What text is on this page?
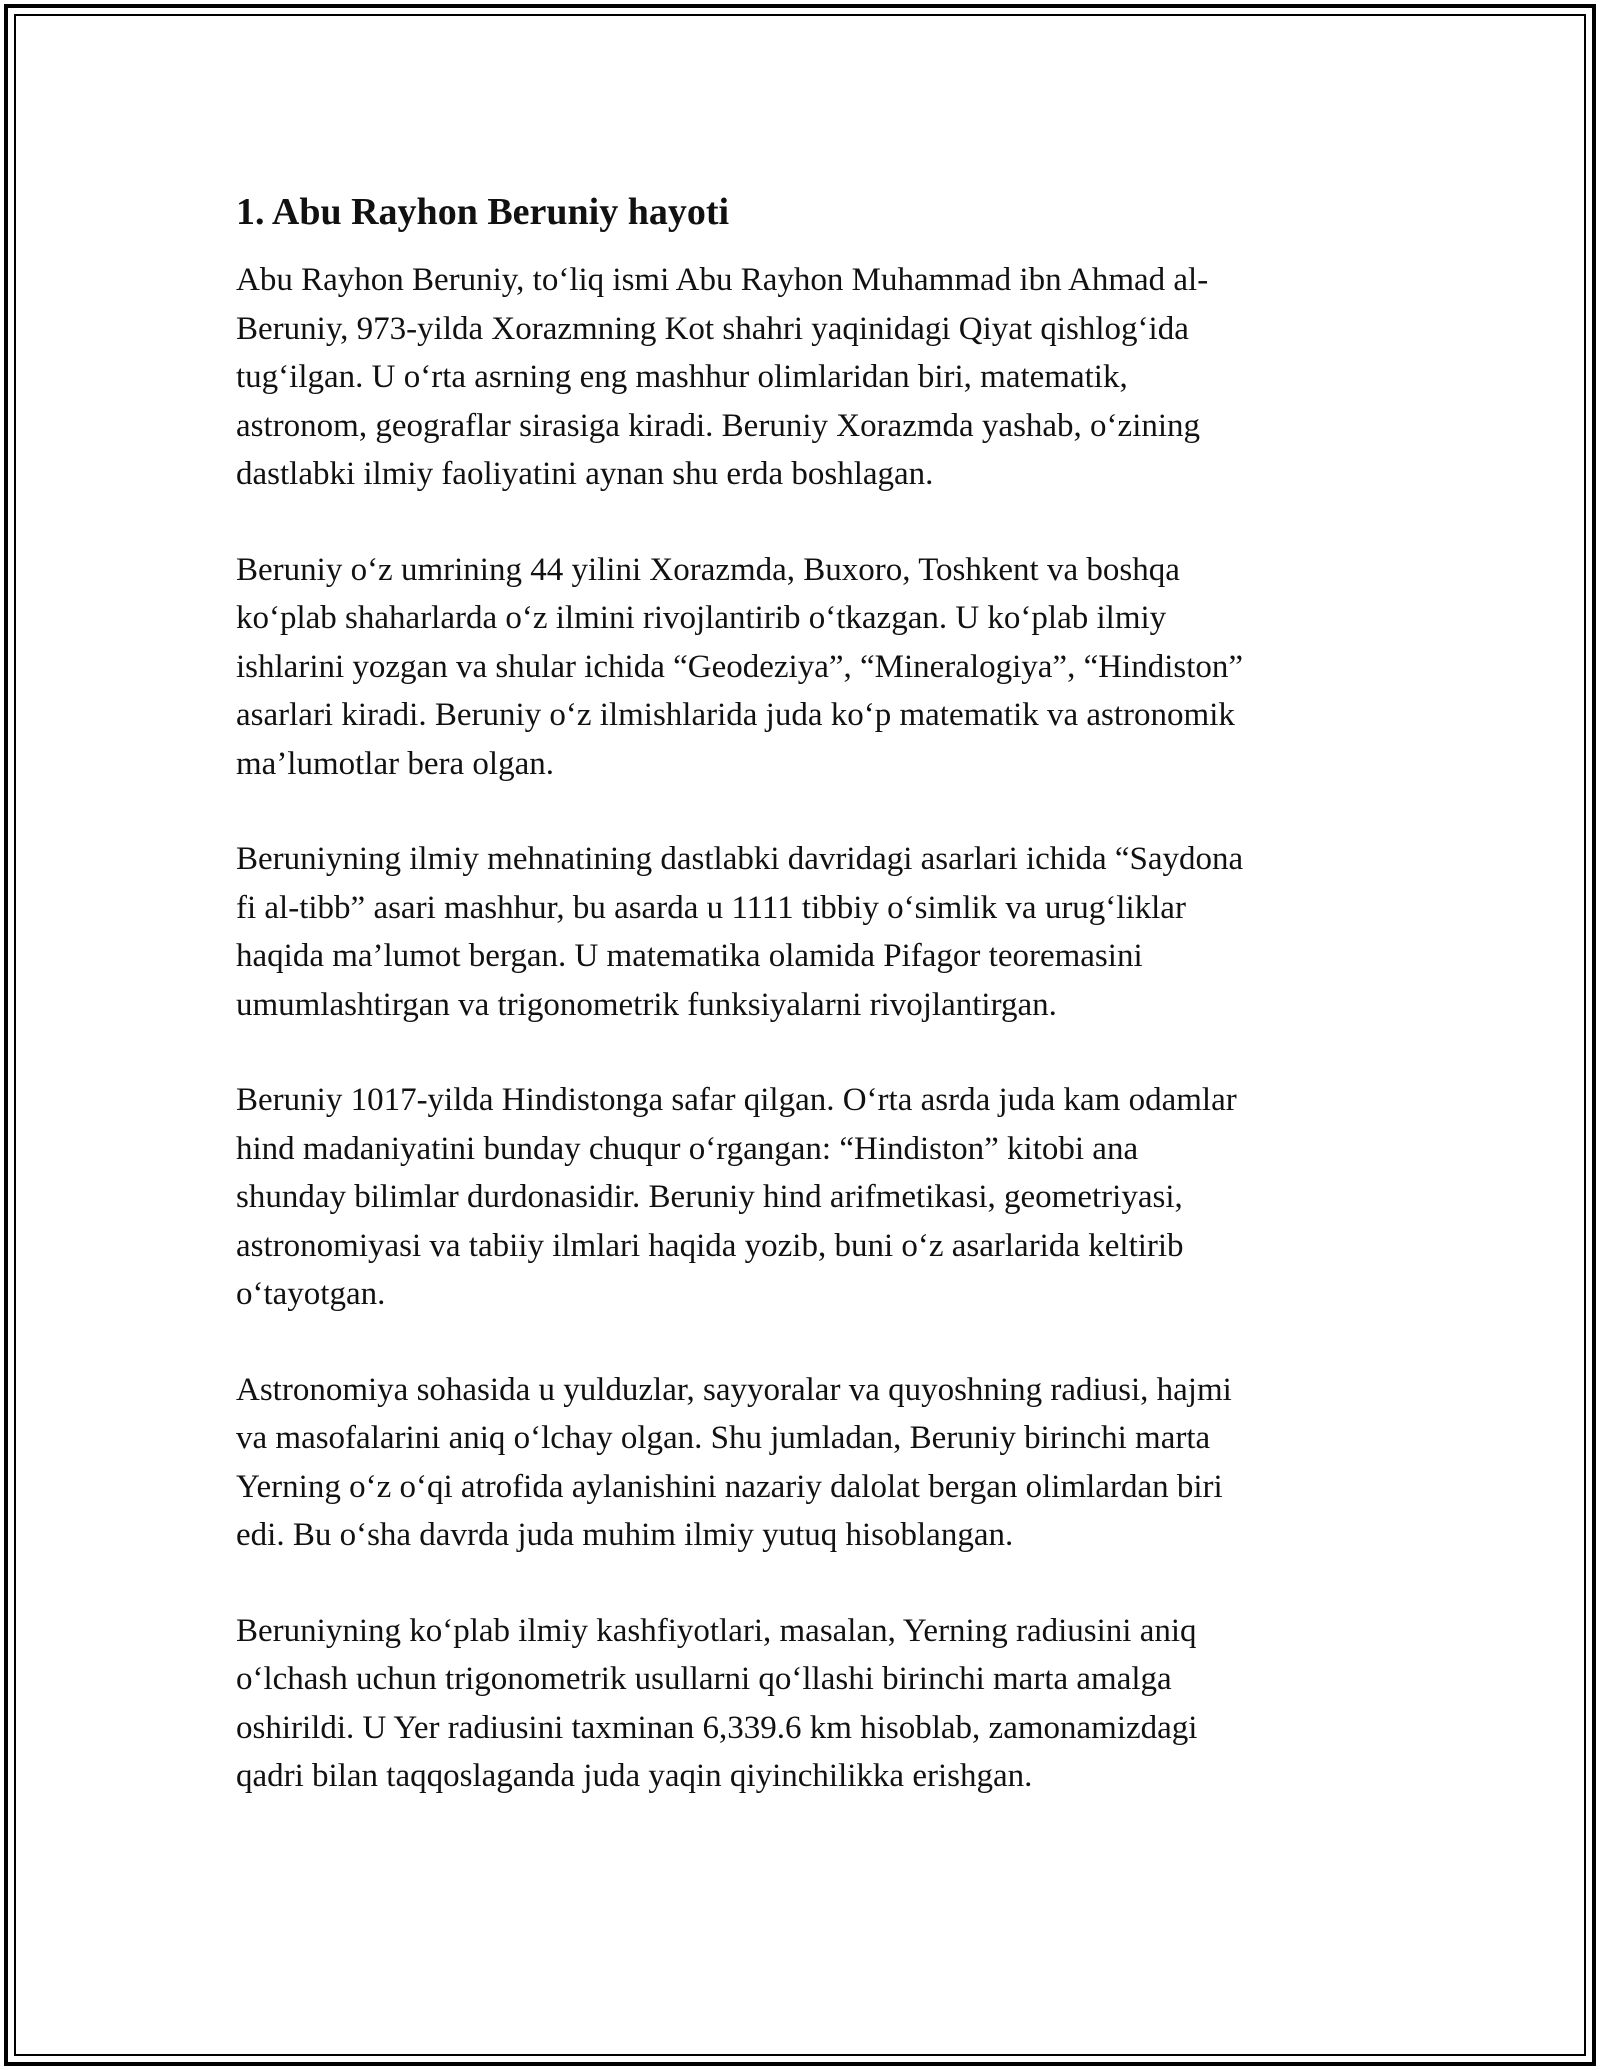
1. Abu Rayhon Beruniy hayoti

Abu Rayhon Beruniy, to‘liq ismi Abu Rayhon Muhammad ibn Ahmad al-
Beruniy, 973-yilda Xorazmning Kot shahri yaqinidagi Qiyat qishlog‘ida
tug‘ilgan. U o‘rta asrning eng mashhur olimlaridan biri, matematik,
astronom, geograflar sirasiga kiradi. Beruniy Xorazmda yashab, o‘zining
dastlabki ilmiy faoliyatini aynan shu erda boshlagan.

Beruniy o‘z umrining 44 yilini Xorazmda, Buxoro, Toshkent va boshqa
ko‘plab shaharlarda o‘z ilmini rivojlantirib o‘tkazgan. U ko‘plab ilmiy
ishlarini yozgan va shular ichida “Geodeziya”, “Mineralogiya”, “Hindiston”
asarlari kiradi. Beruniy o‘z ilmishlarida juda ko‘p matematik va astronomik
ma’lumotlar bera olgan.

Beruniyning ilmiy mehnatining dastlabki davridagi asarlari ichida “Saydona
fi al-tibb” asari mashhur, bu asarda u 1111 tibbiy o‘simlik va urug‘liklar
haqida ma’lumot bergan. U matematika olamida Pifagor teoremasini
umumlashtirgan va trigonometrik funksiyalarni rivojlantirgan.

Beruniy 1017-yilda Hindistonga safar qilgan. O‘rta asrda juda kam odamlar
hind madaniyatini bunday chuqur o‘rgangan: “Hindiston” kitobi ana
shunday bilimlar durdonasidir. Beruniy hind arifmetikasi, geometriyasi,
astronomiyasi va tabiiy ilmlari haqida yozib, buni o‘z asarlarida keltirib
o‘tayotgan.

Astronomiya sohasida u yulduzlar, sayyoralar va quyoshning radiusi, hajmi
va masofalarini aniq o‘lchay olgan. Shu jumladan, Beruniy birinchi marta
Yerning o‘z o‘qi atrofida aylanishini nazariy dalolat bergan olimlardan biri
edi. Bu o‘sha davrda juda muhim ilmiy yutuq hisoblangan.

Beruniyning ko‘plab ilmiy kashfiyotlari, masalan, Yerning radiusini aniq
o‘lchash uchun trigonometrik usullarni qo‘llashi birinchi marta amalga
oshirildi. U Yer radiusini taxminan 6,339.6 km hisoblab, zamonamizdagi
qadri bilan taqqoslaganda juda yaqin qiyinchilikka erishgan.
